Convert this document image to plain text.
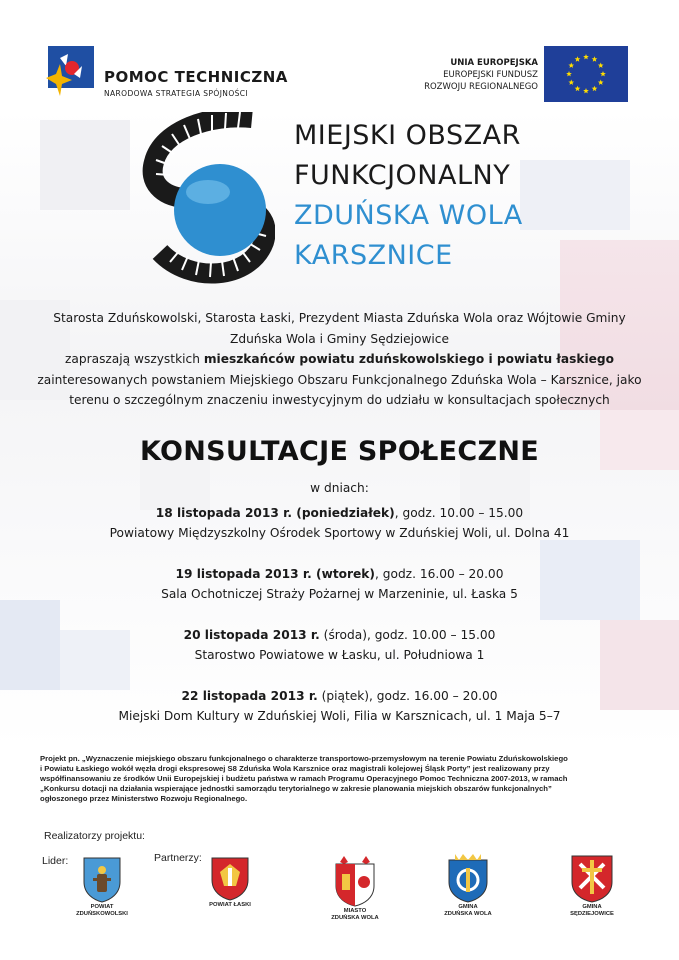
POMOC TECHNICZNA
NARODOWA STRATEGIA SPÓJNOŚCI
UNIA EUROPEJSKA
EUROPEJSKI FUNDUSZ
ROZWOJU REGIONALNEGO
MIEJSKI OBSZAR
FUNKCJONALNY
ZDUŃSKA WOLA
KARSZNICE
Starosta Zduńskowolski, Starosta Łaski, Prezydent Miasta Zduńska Wola oraz Wójtowie Gminy
Zduńska Wola i Gminy Sędziejowice
zapraszają wszystkich mieszkańców powiatu zduńskowolskiego i powiatu łaskiego
zainteresowanych powstaniem Miejskiego Obszaru Funkcjonalnego Zduńska Wola – Karsznice, jako
terenu o szczególnym znaczeniu inwestycyjnym do udziału w konsultacjach społecznych
KONSULTACJE SPOŁECZNE
w dniach:
18 listopada 2013 r. (poniedziałek), godz. 10.00 – 15.00
Powiatowy Międzyszkolny Ośrodek Sportowy w Zduńskiej Woli, ul. Dolna 41
19 listopada 2013 r. (wtorek), godz. 16.00 – 20.00
Sala Ochotniczej Straży Pożarnej w Marzeninie, ul. Łaska 5
20 listopada 2013 r. (środa), godz. 10.00 – 15.00
Starostwo Powiatowe w Łasku, ul. Południowa 1
22 listopada 2013 r. (piątek), godz. 16.00 – 20.00
Miejski Dom Kultury w Zduńskiej Woli, Filia w Karsznicach, ul. 1 Maja 5–7
Projekt pn. „Wyznaczenie miejskiego obszaru funkcjonalnego o charakterze transportowo-przemysłowym na terenie Powiatu Zduńskowolskiego
i Powiatu Łaskiego wokół węzła drogi ekspresowej S8 Zduńska Wola Karsznice oraz magistrali kolejowej Śląsk Porty” jest realizowany przy
współfinansowaniu ze środków Unii Europejskiej i budżetu państwa w ramach Programu Operacyjnego Pomoc Techniczna 2007-2013, w ramach
„Konkursu dotacji na działania wspierające jednostki samorządu terytorialnego w zakresie planowania miejskich obszarów funkcjonalnych”
ogłoszonego przez Ministerstwo Rozwoju Regionalnego.
Realizatorzy projektu:
Lider:	Partnerzy:
POWIAT
ZDUŃSKOWOLSKI
POWIAT ŁASKI
MIASTO
ZDUŃSKA WOLA
GMINA
ZDUŃSKA WOLA
GMINA
SĘDZIEJOWICE
